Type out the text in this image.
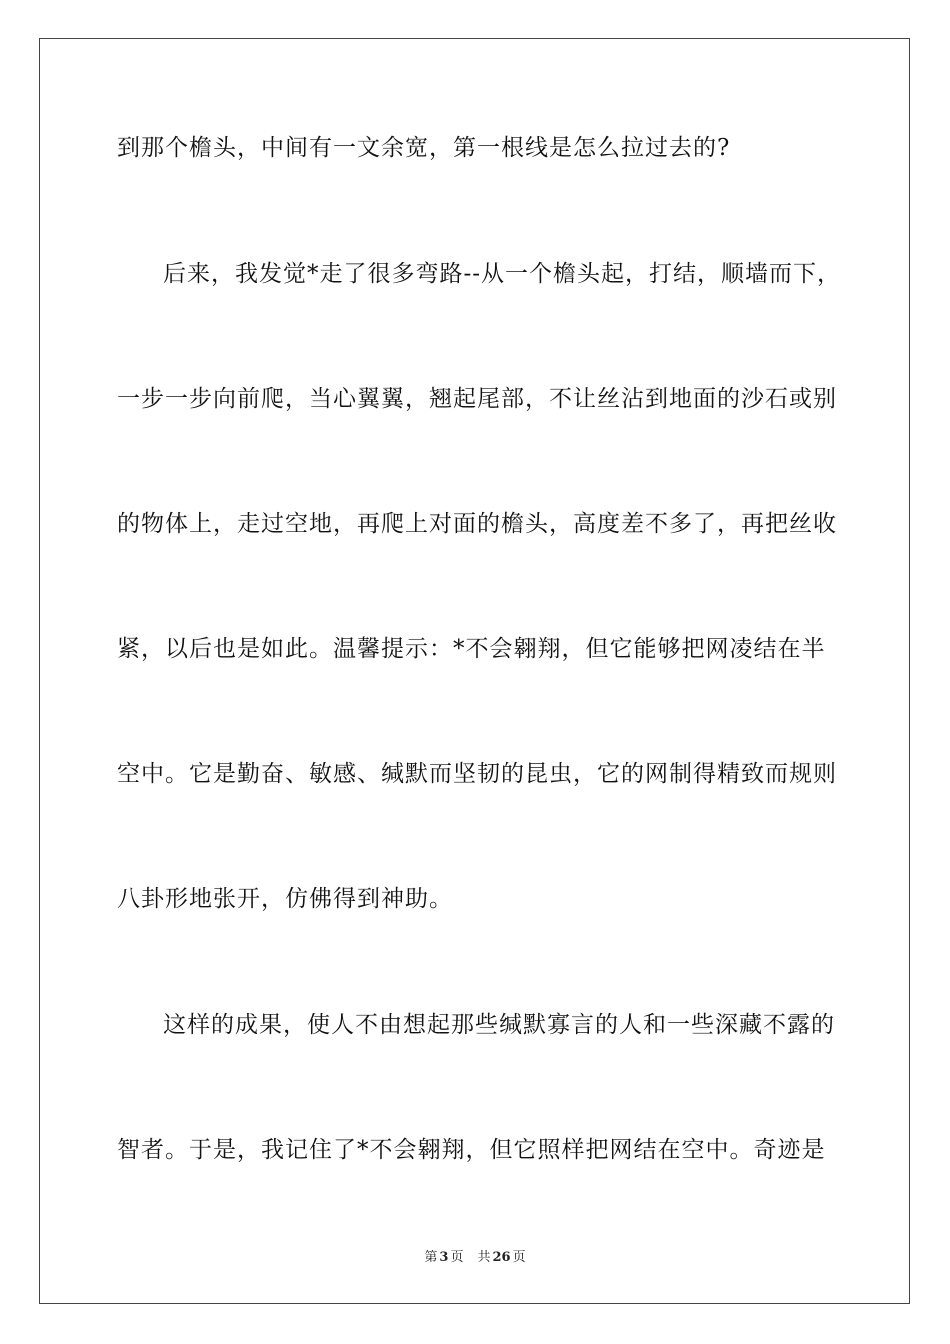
到那个檐头，中间有一文余宽，第一根线是怎么拉过去的?
后来，我发觉*走了很多弯路--从一个檐头起，打结，顺墙而下，
一步一步向前爬，当心翼翼，翘起尾部，不让丝沾到地面的沙石或别
的物体上，走过空地，再爬上对面的檐头，高度差不多了，再把丝收
紧，以后也是如此。温馨提示：*不会翱翔，但它能够把网凌结在半
空中。它是勤奋、敏感、缄默而坚韧的昆虫，它的网制得精致而规则
八卦形地张开，仿佛得到神助。
这样的成果，使人不由想起那些缄默寡言的人和一些深藏不露的
智者。于是，我记住了*不会翱翔，但它照样把网结在空中。奇迹是
第 3 页 共 26 页
